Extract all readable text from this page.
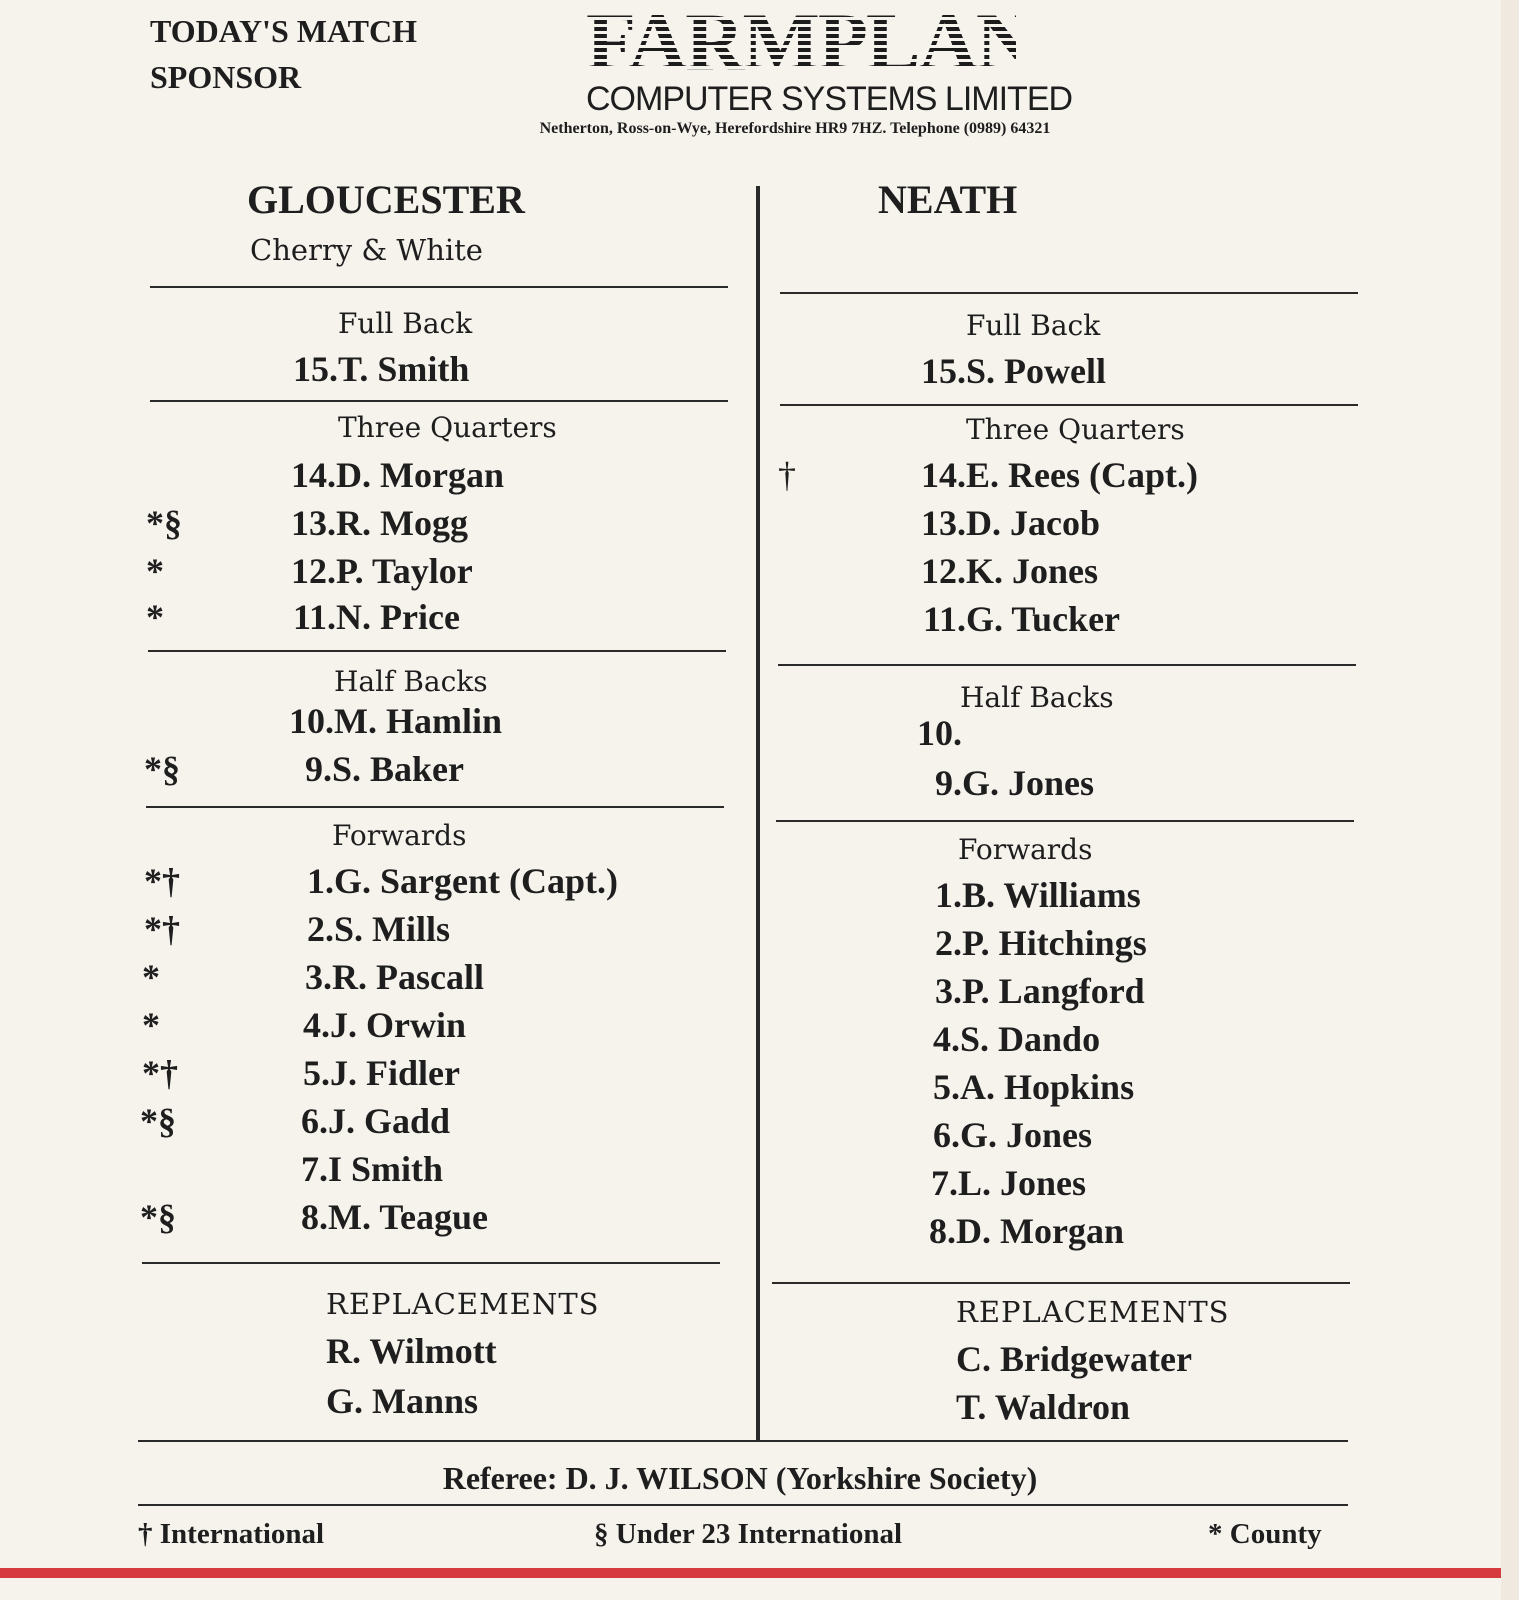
TODAY'S MATCH
SPONSOR	FARMPLAN
COMPUTER SYSTEMS LIMITED
Netherton, Ross-on-Wye, Herefordshire HR9 7HZ. Telephone (0989) 64321
GLOUCESTER
Cherry & White
NEATH
Full Back
15. T. Smith
Three Quarters
14. D. Morgan
*§	13. R. Mogg
*	12. P. Taylor
*	11. N. Price
Half Backs
10. M. Hamlin
*§	9. S. Baker
Forwards
*†	1. G. Sargent (Capt.)
*†	2. S. Mills
*	3. R. Pascall
*	4. J. Orwin
*†	5. J. Fidler
*§	6. J. Gadd
7. I Smith
*§	8. M. Teague
REPLACEMENTS
R. Wilmott
G. Manns
Full Back
15. S. Powell
Three Quarters
†	14. E. Rees (Capt.)
13. D. Jacob
12. K. Jones
11. G. Tucker
Half Backs
10.
9. G. Jones
Forwards
1. B. Williams
2. P. Hitchings
3. P. Langford
4. S. Dando
5. A. Hopkins
6. G. Jones
7. L. Jones
8. D. Morgan
REPLACEMENTS
C. Bridgewater
T. Waldron
Referee: D. J. WILSON (Yorkshire Society)
† International	§ Under 23 International	* County
